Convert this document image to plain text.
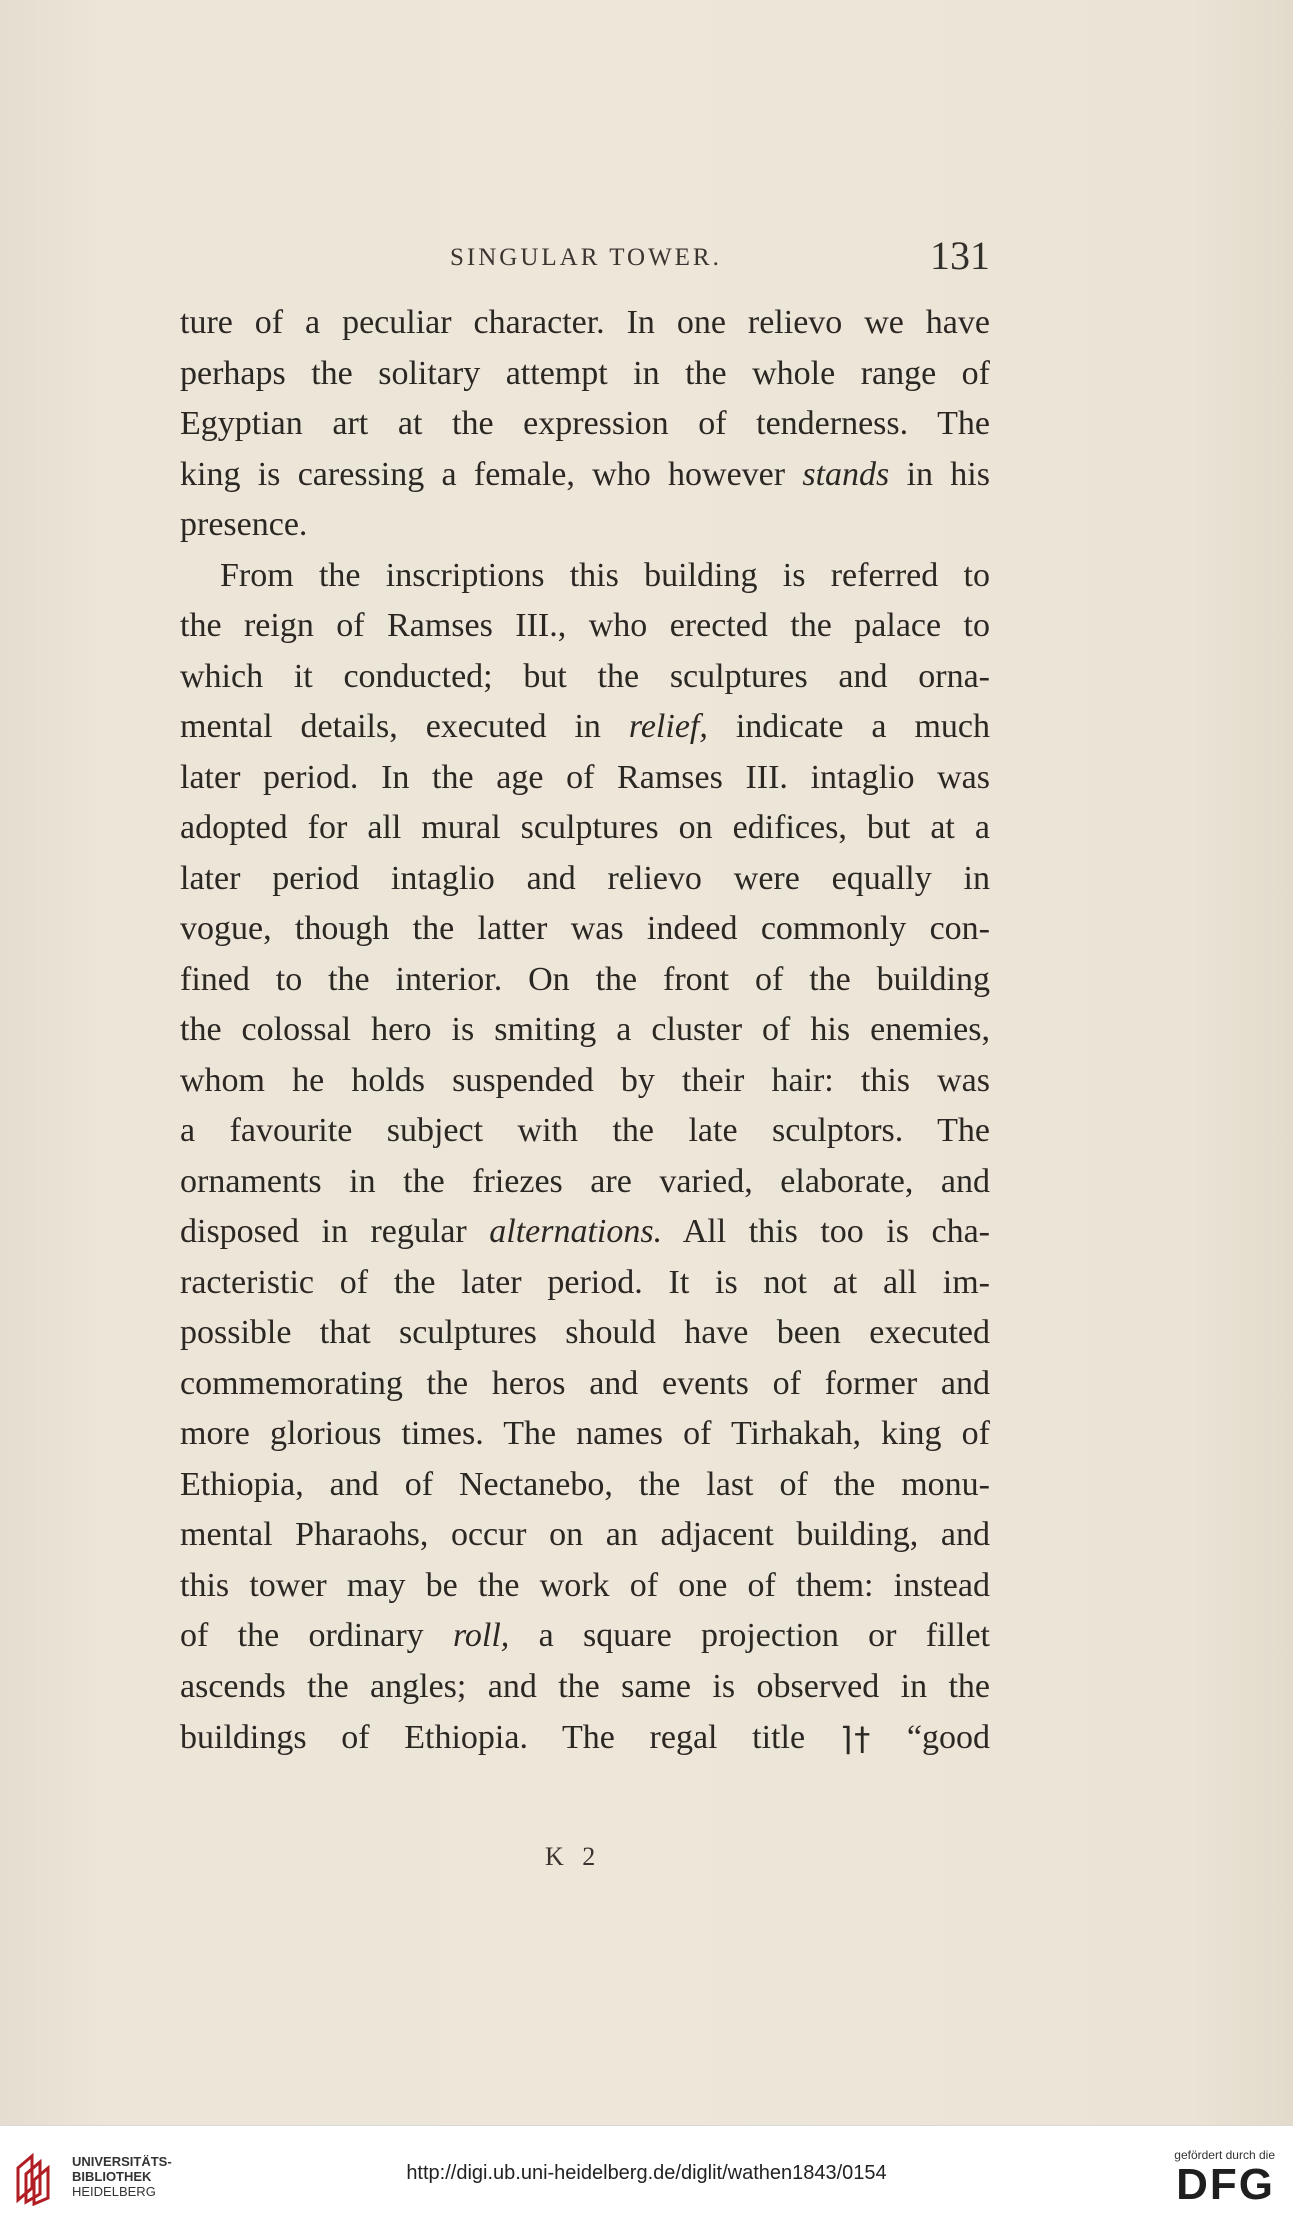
SINGULAR TOWER.	131
ture of a peculiar character. In one relievo we have
perhaps the solitary attempt in the whole range of
Egyptian art at the expression of tenderness. The
king is caressing a female, who however stands in his
presence.
From the inscriptions this building is referred to
the reign of Ramses III., who erected the palace to
which it conducted; but the sculptures and orna-
mental details, executed in relief, indicate a much
later period. In the age of Ramses III. intaglio was
adopted for all mural sculptures on edifices, but at a
later period intaglio and relievo were equally in
vogue, though the latter was indeed commonly con-
fined to the interior. On the front of the building
the colossal hero is smiting a cluster of his enemies,
whom he holds suspended by their hair: this was
a favourite subject with the late sculptors. The
ornaments in the friezes are varied, elaborate, and
disposed in regular alternations. All this too is cha-
racteristic of the later period. It is not at all im-
possible that sculptures should have been executed
commemorating the heros and events of former and
more glorious times. The names of Tirhakah, king of
Ethiopia, and of Nectanebo, the last of the monu-
mental Pharaohs, occur on an adjacent building, and
this tower may be the work of one of them: instead
of the ordinary roll, a square projection or fillet
ascends the angles; and the same is observed in the
buildings of Ethiopia. The regal title ⌉† “good
K 2
UNIVERSITÄTS-
BIBLIOTHEK
HEIDELBERG
http://digi.ub.uni-heidelberg.de/diglit/wathen1843/0154
gefördert durch die
DFG
